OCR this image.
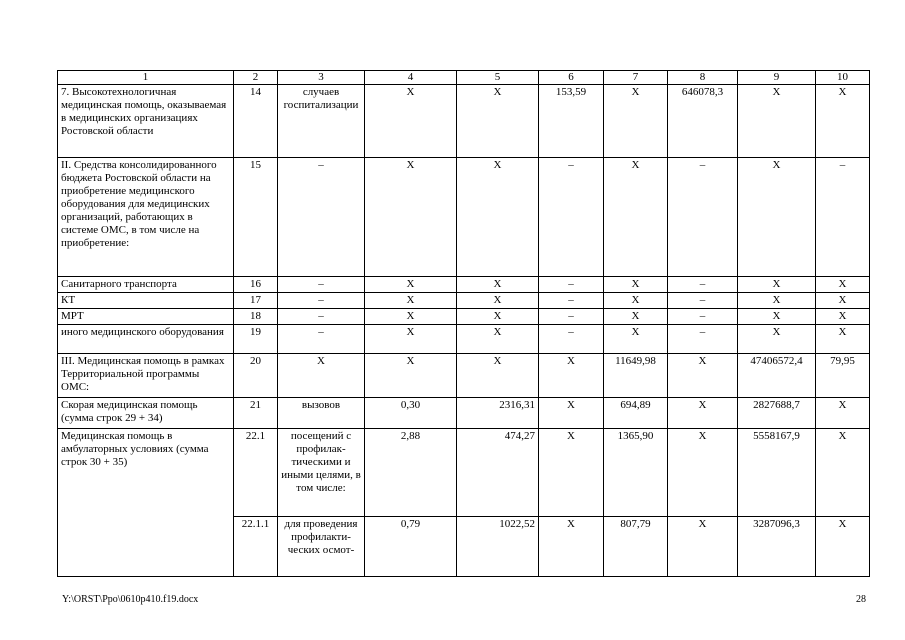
1	2	3	4	5	6	7	8	9	10
7. Высокотехнологичная медицинская помощь, оказываемая в медицинских организациях Ростовской области	14	случаев госпитализации	Х	Х	153,59	Х	646078,3	Х	Х
II. Средства консолидированного бюджета Ростовской области на приобретение медицинского оборудования для медицинских организаций, работающих в системе ОМС, в том числе на приобретение:	15	–	Х	Х	–	Х	–	Х	–
Санитарного транспорта	16	–	Х	Х	–	Х	–	Х	Х
КТ	17	–	Х	Х	–	Х	–	Х	Х
МРТ	18	–	Х	Х	–	Х	–	Х	Х
иного медицинского оборудования	19	–	Х	Х	–	Х	–	Х	Х
III. Медицинская помощь в рамках Территориальной программы ОМС:	20	Х	Х	Х	Х	11649,98	Х	47406572,4	79,95
Скорая медицинская помощь (сумма строк 29 + 34)	21	вызовов	0,30	2316,31	Х	694,89	Х	2827688,7	Х
Медицинская помощь в амбулаторных условиях (сумма строк 30 + 35)	22.1	посещений с профилак-тическими и иными целями, в том числе:	2,88	474,27	Х	1365,90	Х	5558167,9	Х
	22.1.1	для проведения профилакти-ческих осмот-	0,79	1022,52	Х	807,79	Х	3287096,3	Х
Y:\ORST\Ppo\0610p410.f19.docx	28
